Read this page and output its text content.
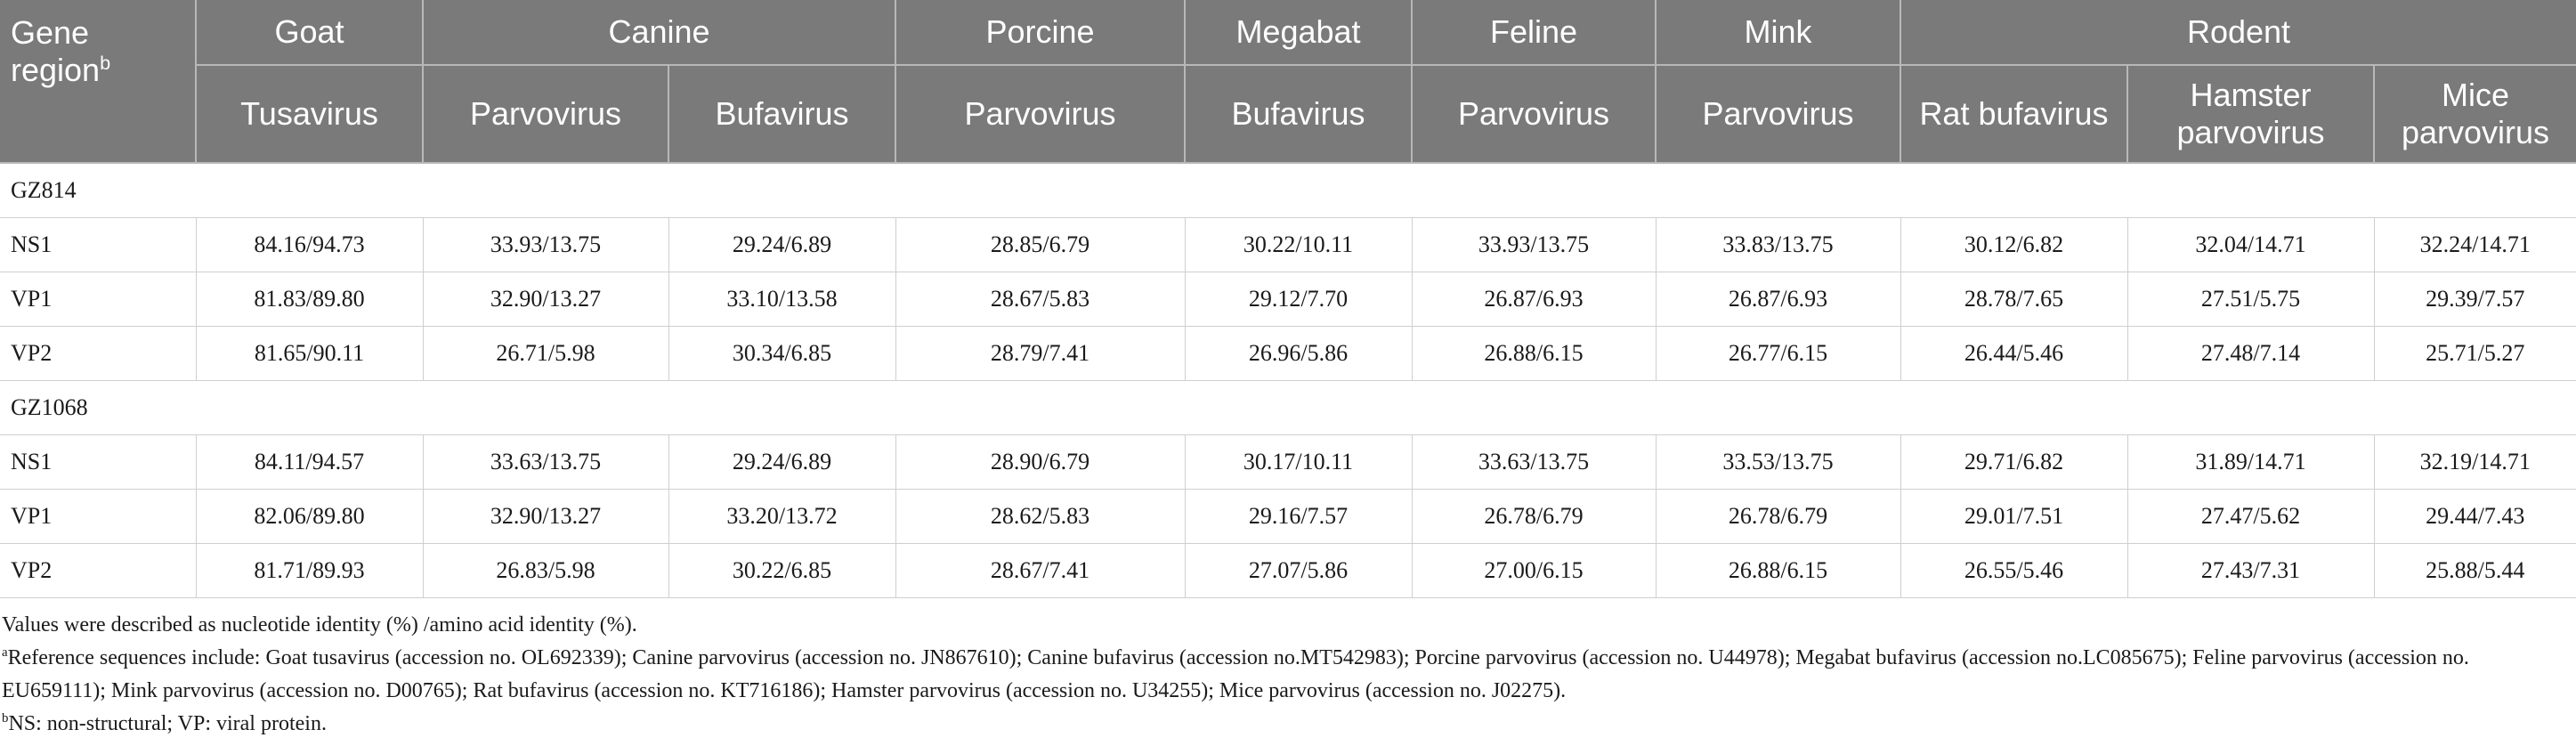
Gene region$^b$	Goat	Canine		Porcine	Megabat	Feline	Mink	Rodent		
	Tusavirus	Parvovirus	Bufavirus	Parvovirus	Bufavirus	Parvovirus	Parvovirus	Rat bufavirus	Hamster parvovirus	Mice parvovirus
GZ814										
NS1	84.16/94.73	33.93/13.75	29.24/6.89	28.85/6.79	30.22/10.11	33.93/13.75	33.83/13.75	30.12/6.82	32.04/14.71	32.24/14.71
VP1	81.83/89.80	32.90/13.27	33.10/13.58	28.67/5.83	29.12/7.70	26.87/6.93	26.87/6.93	28.78/7.65	27.51/5.75	29.39/7.57
VP2	81.65/90.11	26.71/5.98	30.34/6.85	28.79/7.41	26.96/5.86	26.88/6.15	26.77/6.15	26.44/5.46	27.48/7.14	25.71/5.27
GZ1068										
NS1	84.11/94.57	33.63/13.75	29.24/6.89	28.90/6.79	30.17/10.11	33.63/13.75	33.53/13.75	29.71/6.82	31.89/14.71	32.19/14.71
VP1	82.06/89.80	32.90/13.27	33.20/13.72	28.62/5.83	29.16/7.57	26.78/6.79	26.78/6.79	29.01/7.51	27.47/5.62	29.44/7.43
VP2	81.71/89.93	26.83/5.98	30.22/6.85	28.67/7.41	27.07/5.86	27.00/6.15	26.88/6.15	26.55/5.46	27.43/7.31	25.88/5.44

Values were described as nucleotide identity (%) /amino acid identity (%).

$^a$Reference sequences include: Goat tusavirus (accession no. OL692339); Canine parvovirus (accession no. JN867610); Canine bufavirus (accession no.MT542983); Porcine parvovirus (accession no. U44978); Megabat bufavirus (accession no.LC085675); Feline parvovirus (accession no. EU659111); Mink parvovirus (accession no. D00765); Rat bufavirus (accession no. KT716186); Hamster parvovirus (accession no. U34255); Mice parvovirus (accession no. J02275).

$^b$NS: non-structural; VP: viral protein.
